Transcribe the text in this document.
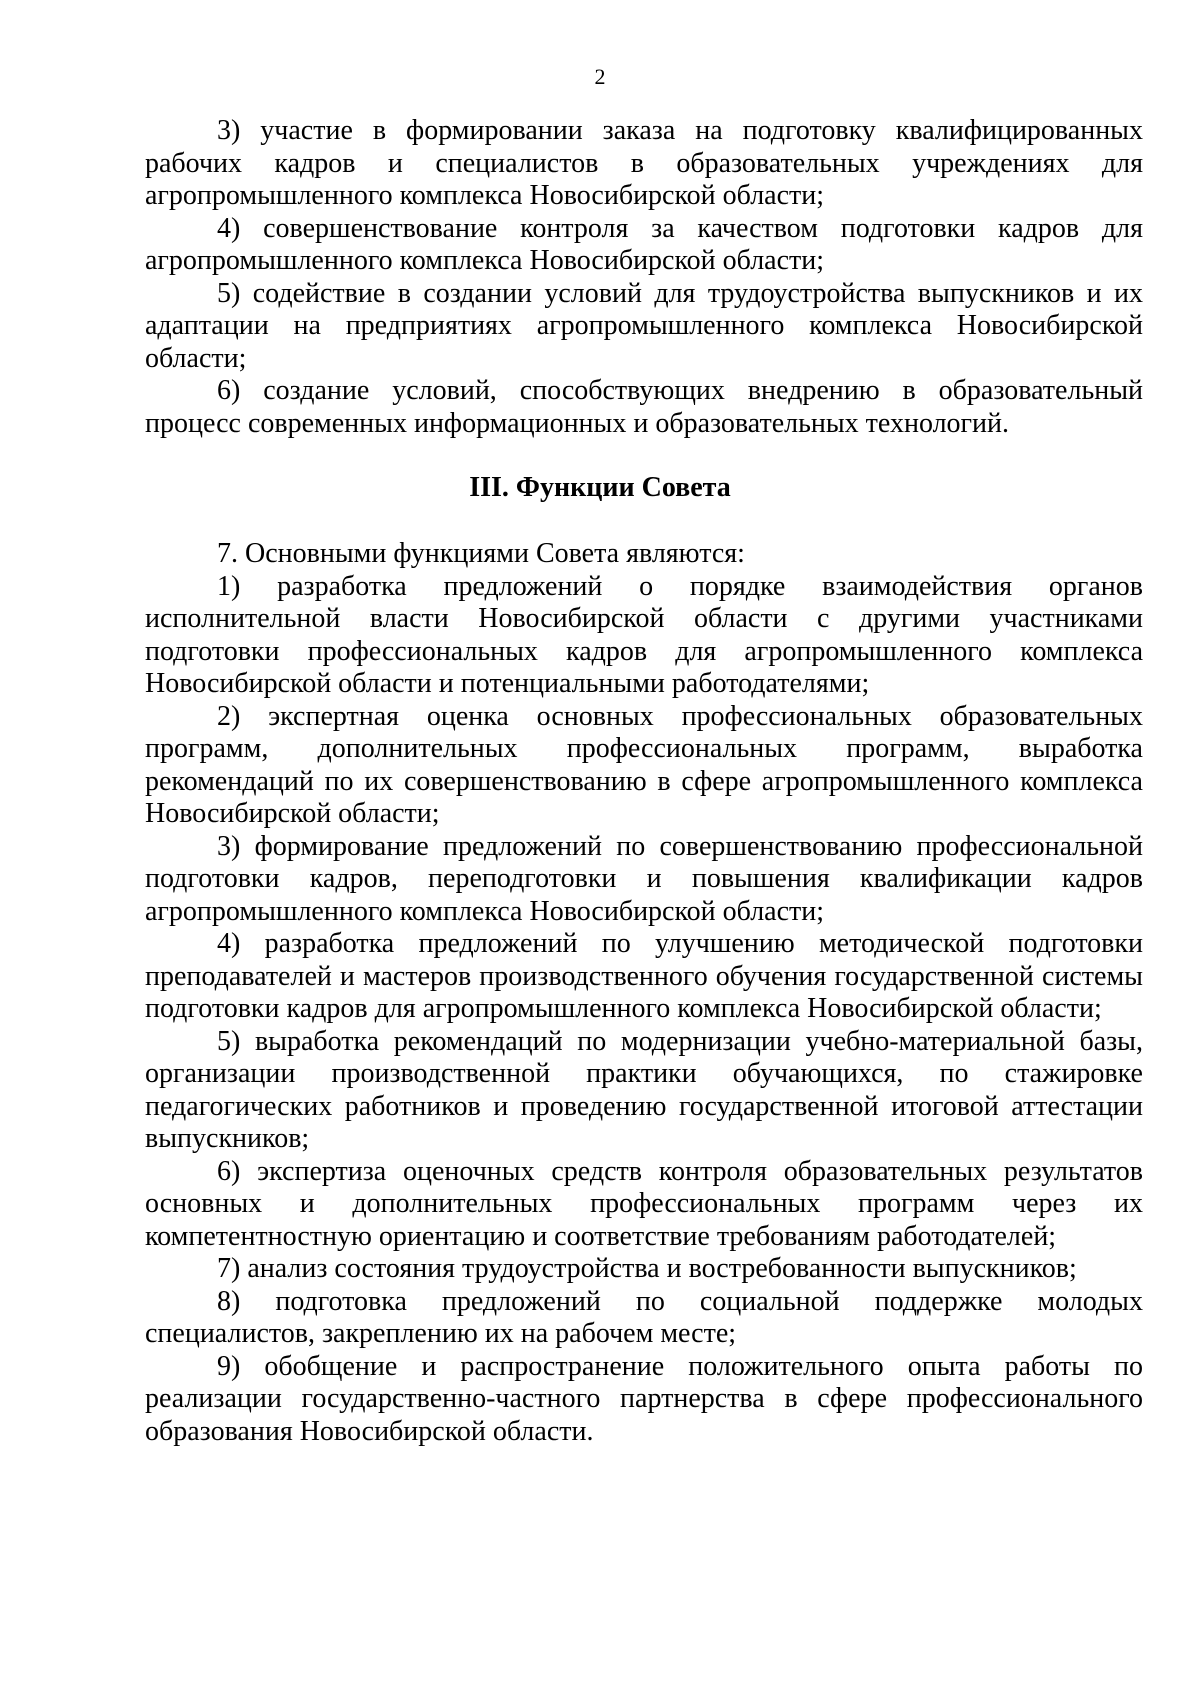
2

3) участие в формировании заказа на подготовку квалифицированных рабочих кадров и специалистов в образовательных учреждениях для агропромышленного комплекса Новосибирской области;

4) совершенствование контроля за качеством подготовки кадров для агропромышленного комплекса Новосибирской области;

5) содействие в создании условий для трудоустройства выпускников и их адаптации на предприятиях агропромышленного комплекса Новосибирской области;

6) создание условий, способствующих внедрению в образовательный процесс современных информационных и образовательных технологий.

III. Функции Совета

7. Основными функциями Совета являются:

1) разработка предложений о порядке взаимодействия органов исполнительной власти Новосибирской области с другими участниками подготовки профессиональных кадров для агропромышленного комплекса Новосибирской области и потенциальными работодателями;

2) экспертная оценка основных профессиональных образовательных программ, дополнительных профессиональных программ, выработка рекомендаций по их совершенствованию в сфере агропромышленного комплекса Новосибирской области;

3) формирование предложений по совершенствованию профессиональной подготовки кадров, переподготовки и повышения квалификации кадров агропромышленного комплекса Новосибирской области;

4) разработка предложений по улучшению методической подготовки преподавателей и мастеров производственного обучения государственной системы подготовки кадров для агропромышленного комплекса Новосибирской области;

5) выработка рекомендаций по модернизации учебно-материальной базы, организации производственной практики обучающихся, по стажировке педагогических работников и проведению государственной итоговой аттестации выпускников;

6) экспертиза оценочных средств контроля образовательных результатов основных и дополнительных профессиональных программ через их компетентностную ориентацию и соответствие требованиям работодателей;

7) анализ состояния трудоустройства и востребованности выпускников;

8) подготовка предложений по социальной поддержке молодых специалистов, закреплению их на рабочем месте;

9) обобщение и распространение положительного опыта работы по реализации государственно-частного партнерства в сфере профессионального образования Новосибирской области.
